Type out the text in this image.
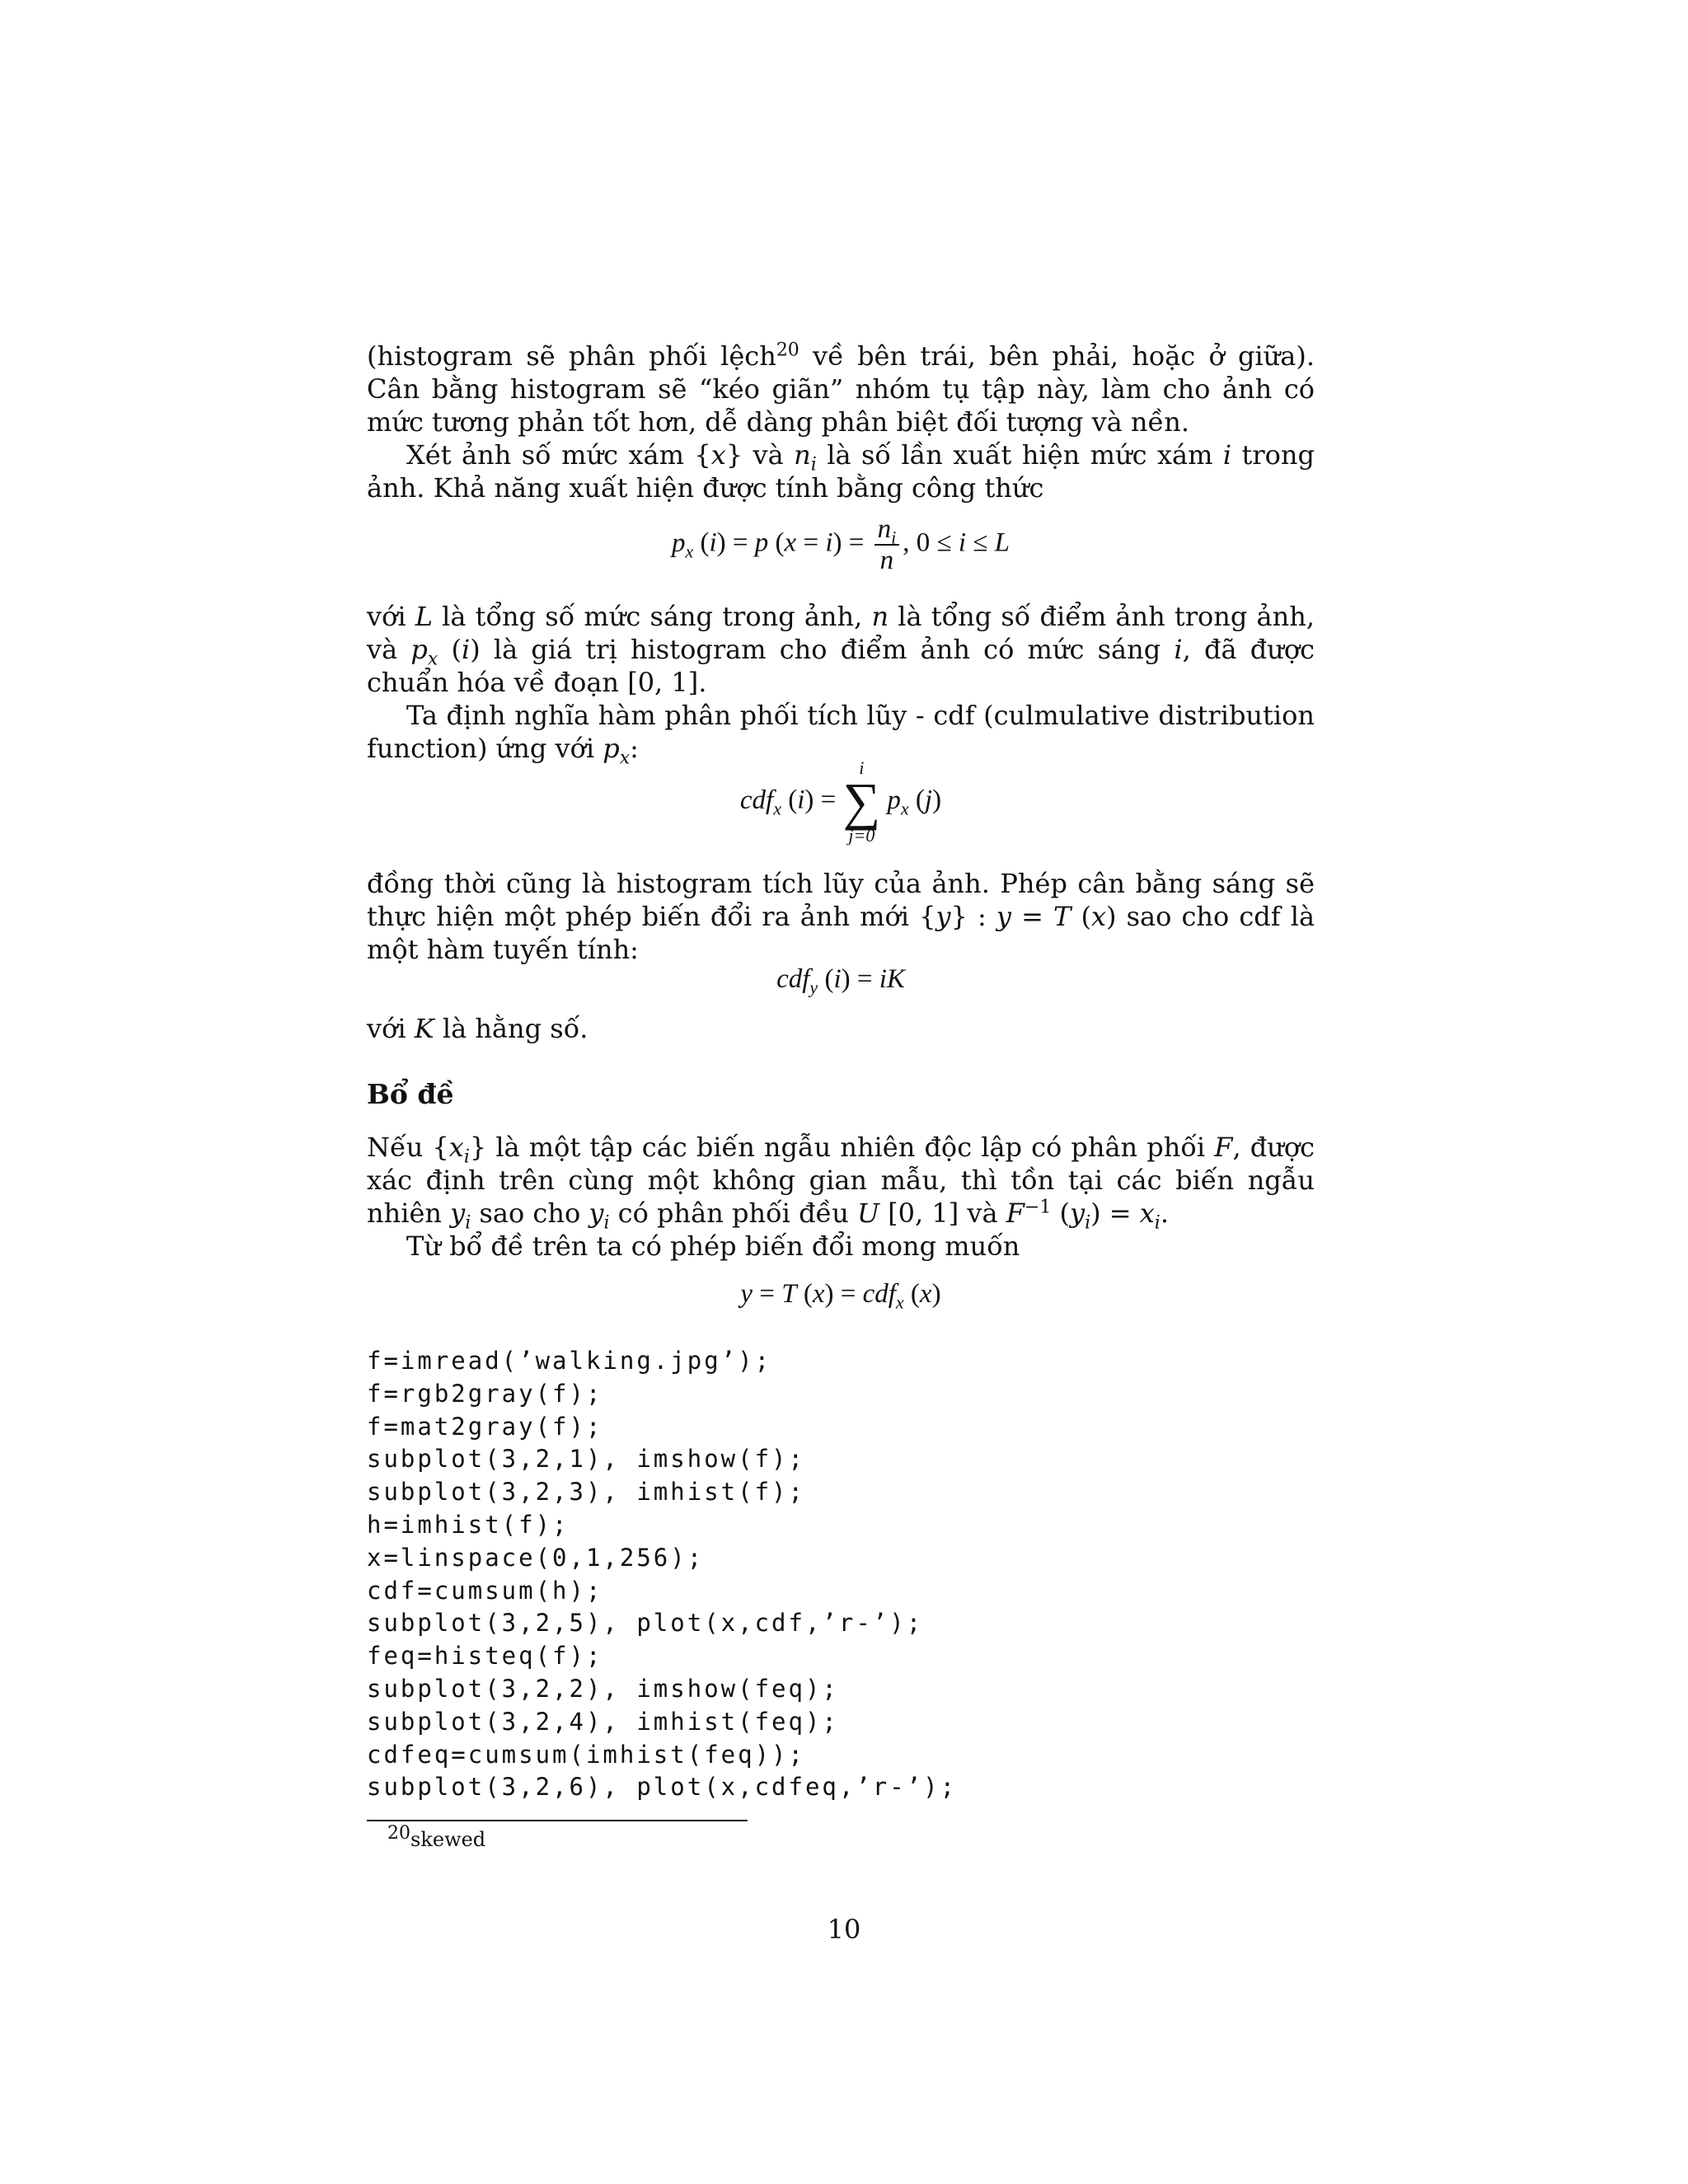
(histogram sẽ phân phối lệch$^{20}$ về bên trái, bên phải, hoặc ở giữa). Cân bằng histogram sẽ “kéo giãn” nhóm tụ tập này, làm cho ảnh có mức tương phản tốt hơn, dễ dàng phân biệt đối tượng và nền.

Xét ảnh số mức xám {x} và $n_i$ là số lần xuất hiện mức xám i trong ảnh. Khả năng xuất hiện được tính bằng công thức

$p_x$ (i) = p $(x = i) = \frac{n_i}{n}$ , 0 ≤ i ≤ L

với L là tổng số mức sáng trong ảnh, n là tổng số điểm ảnh trong ảnh, và $p_x$ (i) là giá trị histogram cho điểm ảnh có mức sáng i, đã được chuẩn hóa về đoạn [0, 1].

Ta định nghĩa hàm phân phối tích lũy - cdf (culmulative distribution function) ứng với $p_x$:

cdf$_x$ (i) =
i
∑
j=0
$p_x$ (j)

đồng thời cũng là histogram tích lũy của ảnh. Phép cân bằng sáng sẽ thực hiện một phép biến đổi ra ảnh mới {y} : y = T (x) sao cho cdf là một hàm tuyến tính:

cdf$_y$ (i) = iK

với K là hằng số.

Bổ đề

Nếu $\{x_i\}$ là một tập các biến ngẫu nhiên độc lập có phân phối F, được xác định trên cùng một không gian mẫu, thì tồn tại các biến ngẫu nhiên $y_i$ sao cho $y_i$ có phân phối đều U [0, 1] và $F^{-1}$ $(y_i) = x_i$.

Từ bổ đề trên ta có phép biến đổi mong muốn

y = T (x) = cdf$_x$ (x)
f=imread(’walking.jpg’);
f=rgb2gray(f);
f=mat2gray(f);
subplot(3,2,1), imshow(f);
subplot(3,2,3), imhist(f);
h=imhist(f);
x=linspace(0,1,256);
cdf=cumsum(h);
subplot(3,2,5), plot(x,cdf,’r-’);
feq=histeq(f);
subplot(3,2,2), imshow(feq);
subplot(3,2,4), imhist(feq);
cdfeq=cumsum(imhist(feq));
subplot(3,2,6), plot(x,cdfeq,’r-’);
$^{20}$skewed
10
